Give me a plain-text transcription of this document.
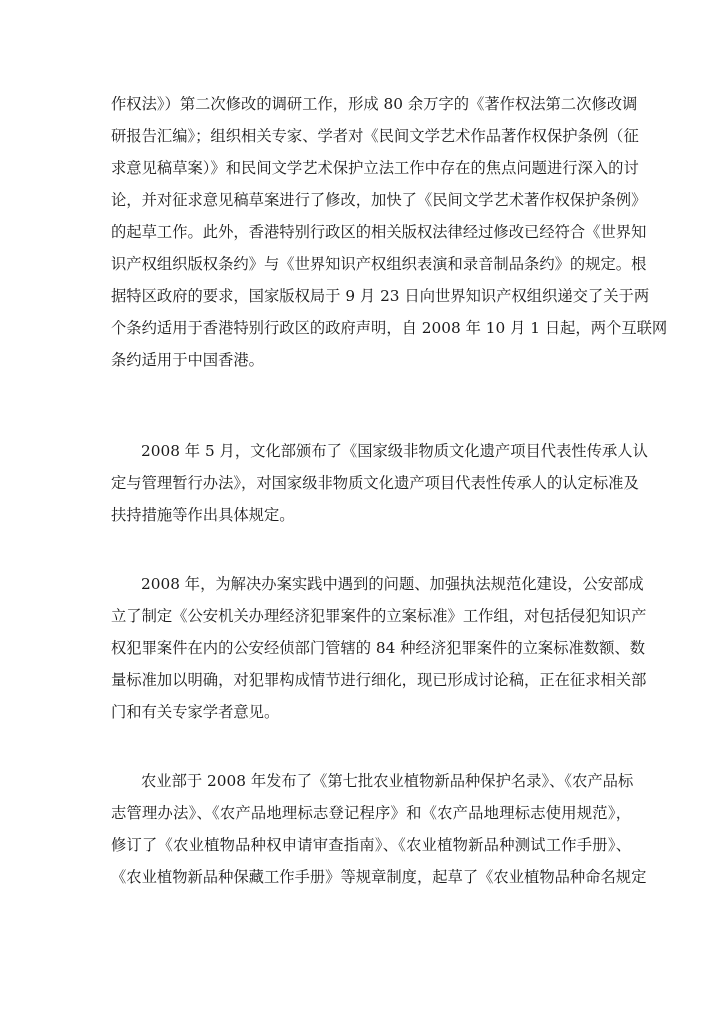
作权法》）第二次修改的调研工作，形成 80 余万字的《著作权法第二次修改调
研报告汇编》；组织相关专家、学者对《民间文学艺术作品著作权保护条例（征
求意见稿草案）》和民间文学艺术保护立法工作中存在的焦点问题进行深入的讨
论，并对征求意见稿草案进行了修改，加快了《民间文学艺术著作权保护条例》
的起草工作。此外，香港特别行政区的相关版权法律经过修改已经符合《世界知
识产权组织版权条约》与《世界知识产权组织表演和录音制品条约》的规定。根
据特区政府的要求，国家版权局于 9 月 23 日向世界知识产权组织递交了关于两
个条约适用于香港特别行政区的政府声明，自 2008 年 10 月 1 日起，两个互联网
条约适用于中国香港。
2008 年 5 月，文化部颁布了《国家级非物质文化遗产项目代表性传承人认
定与管理暂行办法》，对国家级非物质文化遗产项目代表性传承人的认定标准及
扶持措施等作出具体规定。
2008 年，为解决办案实践中遇到的问题、加强执法规范化建设，公安部成
立了制定《公安机关办理经济犯罪案件的立案标准》工作组，对包括侵犯知识产
权犯罪案件在内的公安经侦部门管辖的 84 种经济犯罪案件的立案标准数额、数
量标准加以明确，对犯罪构成情节进行细化，现已形成讨论稿，正在征求相关部
门和有关专家学者意见。
农业部于 2008 年发布了《第七批农业植物新品种保护名录》、《农产品标
志管理办法》、《农产品地理标志登记程序》和《农产品地理标志使用规范》，
修订了《农业植物品种权申请审查指南》、《农业植物新品种测试工作手册》、
《农业植物新品种保藏工作手册》等规章制度，起草了《农业植物品种命名规定
